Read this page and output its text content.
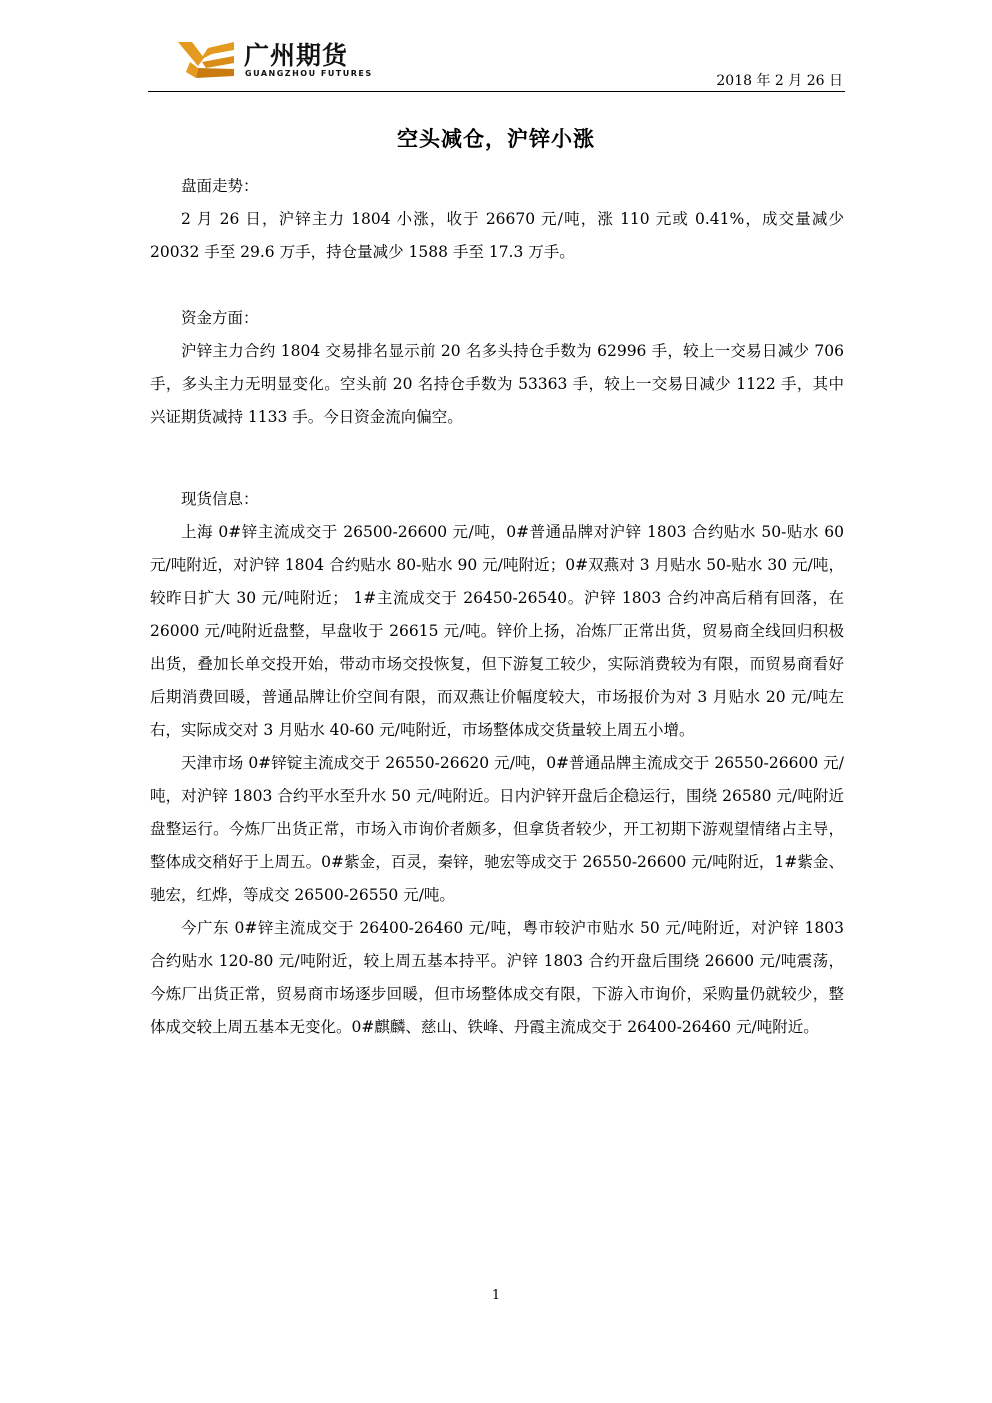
广州期货
GUANGZHOU FUTURES	2018 年 2 月 26 日
空头减仓，沪锌小涨
盘面走势：

2 月 26 日，沪锌主力 1804 小涨，收于 26670 元/吨，涨 110 元或 0.41%，成交量减少 20032 手至 29.6 万手，持仓量减少 1588 手至 17.3 万手。

资金方面：

沪锌主力合约 1804 交易排名显示前 20 名多头持仓手数为 62996 手，较上一交易日减少 706 手，多头主力无明显变化。空头前 20 名持仓手数为 53363 手，较上一交易日减少 1122 手，其中兴证期货减持 1133 手。今日资金流向偏空。

现货信息：

上海 0#锌主流成交于 26500-26600 元/吨，0#普通品牌对沪锌 1803 合约贴水 50-贴水 60 元/吨附近，对沪锌 1804 合约贴水 80-贴水 90 元/吨附近；0#双燕对 3 月贴水 50-贴水 30 元/吨，较昨日扩大 30 元/吨附近； 1#主流成交于 26450-26540。沪锌 1803 合约冲高后稍有回落，在 26000 元/吨附近盘整，早盘收于 26615 元/吨。锌价上扬，冶炼厂正常出货，贸易商全线回归积极出货，叠加长单交投开始，带动市场交投恢复，但下游复工较少，实际消费较为有限，而贸易商看好后期消费回暖，普通品牌让价空间有限，而双燕让价幅度较大，市场报价为对 3 月贴水 20 元/吨左右，实际成交对 3 月贴水 40-60 元/吨附近，市场整体成交货量较上周五小增。

天津市场 0#锌锭主流成交于 26550-26620 元/吨，0#普通品牌主流成交于 26550-26600 元/吨，对沪锌 1803 合约平水至升水 50 元/吨附近。日内沪锌开盘后企稳运行，围绕 26580 元/吨附近盘整运行。今炼厂出货正常，市场入市询价者颇多，但拿货者较少，开工初期下游观望情绪占主导，整体成交稍好于上周五。0#紫金，百灵，秦锌，驰宏等成交于 26550-26600 元/吨附近，1#紫金、驰宏，红烨，等成交 26500-26550 元/吨。

今广东 0#锌主流成交于 26400-26460 元/吨，粤市较沪市贴水 50 元/吨附近，对沪锌 1803 合约贴水 120-80 元/吨附近，较上周五基本持平。沪锌 1803 合约开盘后围绕 26600 元/吨震荡，今炼厂出货正常，贸易商市场逐步回暖，但市场整体成交有限，下游入市询价，采购量仍就较少，整体成交较上周五基本无变化。0#麒麟、慈山、铁峰、丹霞主流成交于 26400-26460 元/吨附近。

1
